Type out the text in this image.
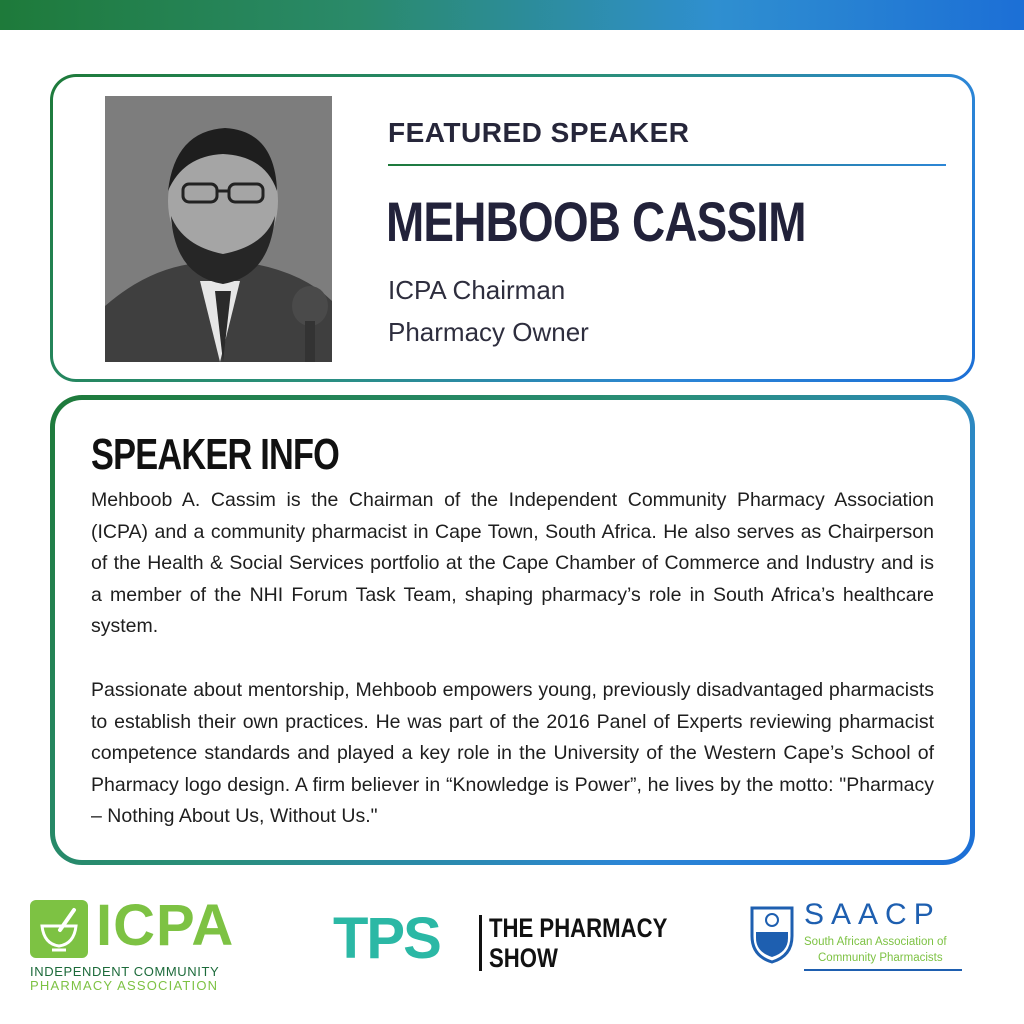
FEATURED SPEAKER
MEHBOOB CASSIM
ICPA Chairman
Pharmacy Owner
SPEAKER INFO

Mehboob A. Cassim is the Chairman of the Independent Community Pharmacy Association (ICPA) and a community pharmacist in Cape Town, South Africa. He also serves as Chairperson of the Health & Social Services portfolio at the Cape Chamber of Commerce and Industry and is a member of the NHI Forum Task Team, shaping pharmacy’s role in South Africa’s healthcare system.

Passionate about mentorship, Mehboob empowers young, previously disadvantaged pharmacists to establish their own practices. He was part of the 2016 Panel of Experts reviewing pharmacist competence standards and played a key role in the University of the Western Cape’s School of Pharmacy logo design. A firm believer in “Knowledge is Power”, he lives by the motto: "Pharmacy – Nothing About Us, Without Us."

ICPA
INDEPENDENT COMMUNITY
PHARMACY ASSOCIATION
TPS THE PHARMACY
SHOW
SAACP
South African Association of
Community Pharmacists
